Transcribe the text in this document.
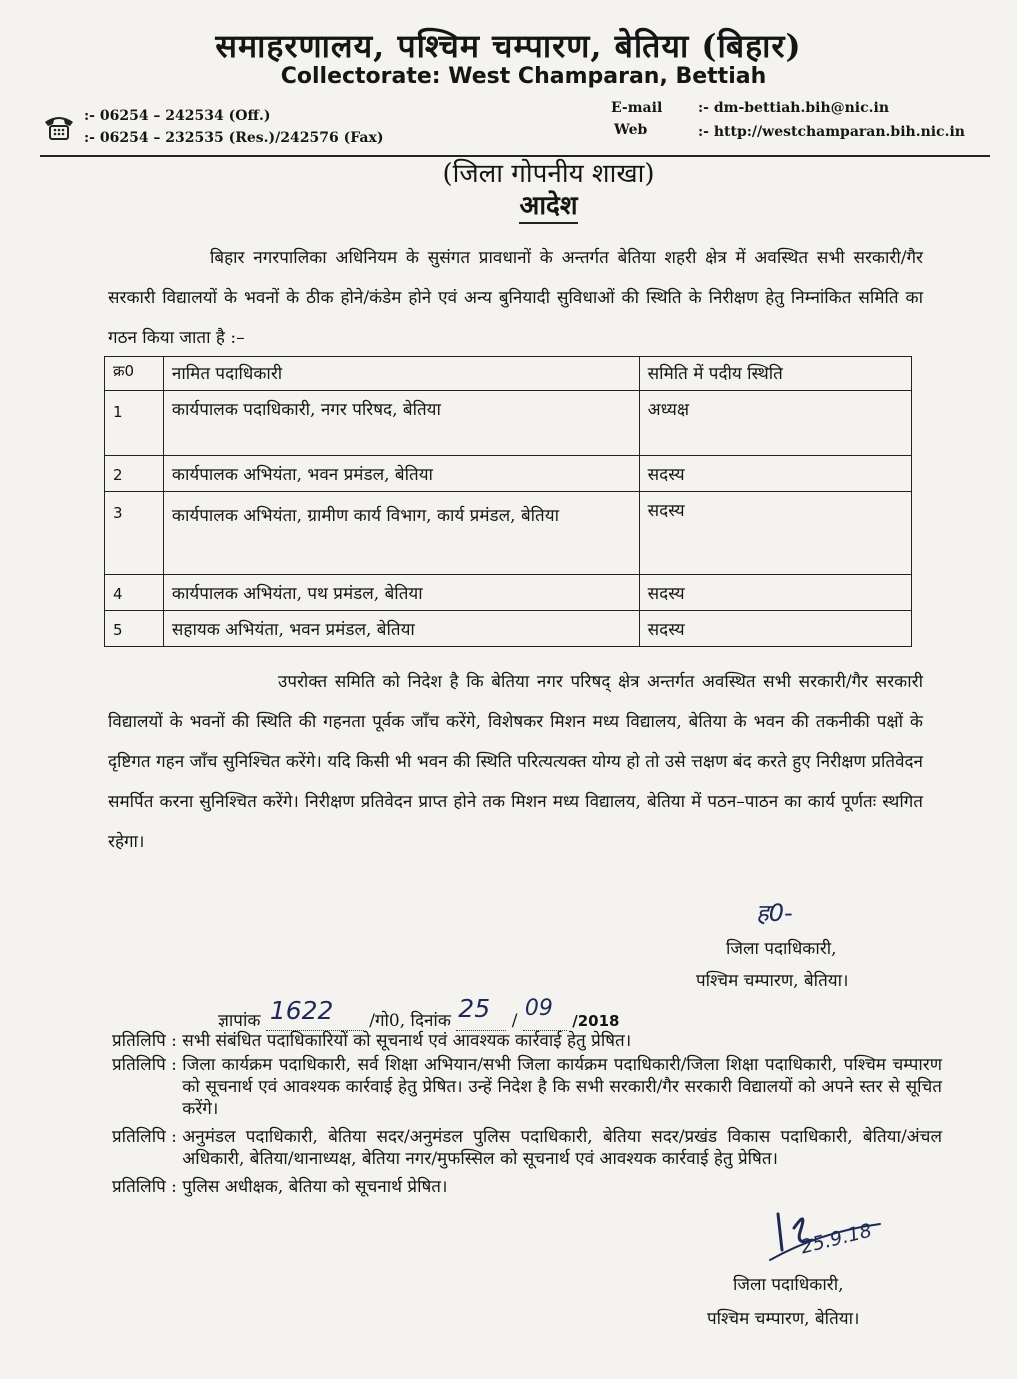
समाहरणालय, पश्चिम चम्पारण, बेतिया (बिहार)
Collectorate: West Champaran, Bettiah
:- 06254 – 242534 (Off.)
:- 06254 – 232535 (Res.)/242576 (Fax)
E-mail	:- dm-bettiah.bih@nic.in
Web	:- http://westchamparan.bih.nic.in
(जिला गोपनीय शाखा)
आदेश
बिहार नगरपालिका अधिनियम के सुसंगत प्रावधानों के अन्तर्गत बेतिया शहरी क्षेत्र में अवस्थित सभी सरकारी/गैर सरकारी विद्यालयों के भवनों के ठीक होने/कंडेम होने एवं अन्य बुनियादी सुविधाओं की स्थिति के निरीक्षण हेतु निम्नांकित समिति का गठन किया जाता है :–
क्र0	नामित पदाधिकारी	समिति में पदीय स्थिति

1	कार्यपालक पदाधिकारी, नगर परिषद, बेतिया	अध्यक्ष

2	कार्यपालक अभियंता, भवन प्रमंडल, बेतिया	सदस्य

3	कार्यपालक अभियंता, ग्रामीण कार्य विभाग, कार्य प्रमंडल, बेतिया	सदस्य

4	कार्यपालक अभियंता, पथ प्रमंडल, बेतिया	सदस्य

5	सहायक अभियंता, भवन प्रमंडल, बेतिया	सदस्य
उपरोक्त समिति को निदेश है कि बेतिया नगर परिषद् क्षेत्र अन्तर्गत अवस्थित सभी सरकारी/गैर सरकारी विद्यालयों के भवनों की स्थिति की गहनता पूर्वक जाँच करेंगे, विशेषकर मिशन मध्य विद्यालय, बेतिया के भवन की तकनीकी पक्षों के दृष्टिगत गहन जाँच सुनिश्चित करेंगे। यदि किसी भी भवन की स्थिति परित्यत्यक्त योग्य हो तो उसे त्तक्षण बंद करते हुए निरीक्षण प्रतिवेदन समर्पित करना सुनिश्चित करेंगे। निरीक्षण प्रतिवेदन प्राप्त होने तक मिशन मध्य विद्यालय, बेतिया में पठन–पाठन का कार्य पूर्णतः स्थगित रहेगा।
ह0-
जिला पदाधिकारी,
पश्चिम चम्पारण, बेतिया।
ज्ञापांक 1622 /गो0, दिनांक 25 / 09 /2018
प्रतिलिपि :
सभी संबंधित पदाधिकारियों को सूचनार्थ एवं आवश्यक कार्रवाई हेतु प्रेषित।
प्रतिलिपि :
जिला कार्यक्रम पदाधिकारी, सर्व शिक्षा अभियान/सभी जिला कार्यक्रम पदाधिकारी/जिला शिक्षा पदाधिकारी, पश्चिम चम्पारण को सूचनार्थ एवं आवश्यक कार्रवाई हेतु प्रेषित। उन्हें निदेश है कि सभी सरकारी/गैर सरकारी विद्यालयों को अपने स्तर से सूचित करेंगे।
प्रतिलिपि :
अनुमंडल पदाधिकारी, बेतिया सदर/अनुमंडल पुलिस पदाधिकारी, बेतिया सदर/प्रखंड विकास पदाधिकारी, बेतिया/अंचल अधिकारी, बेतिया/थानाध्यक्ष, बेतिया नगर/मुफस्सिल को सूचनार्थ एवं आवश्यक कार्रवाई हेतु प्रेषित।
प्रतिलिपि :
पुलिस अधीक्षक, बेतिया को सूचनार्थ प्रेषित।
25.9.18
जिला पदाधिकारी,
पश्चिम चम्पारण, बेतिया।
